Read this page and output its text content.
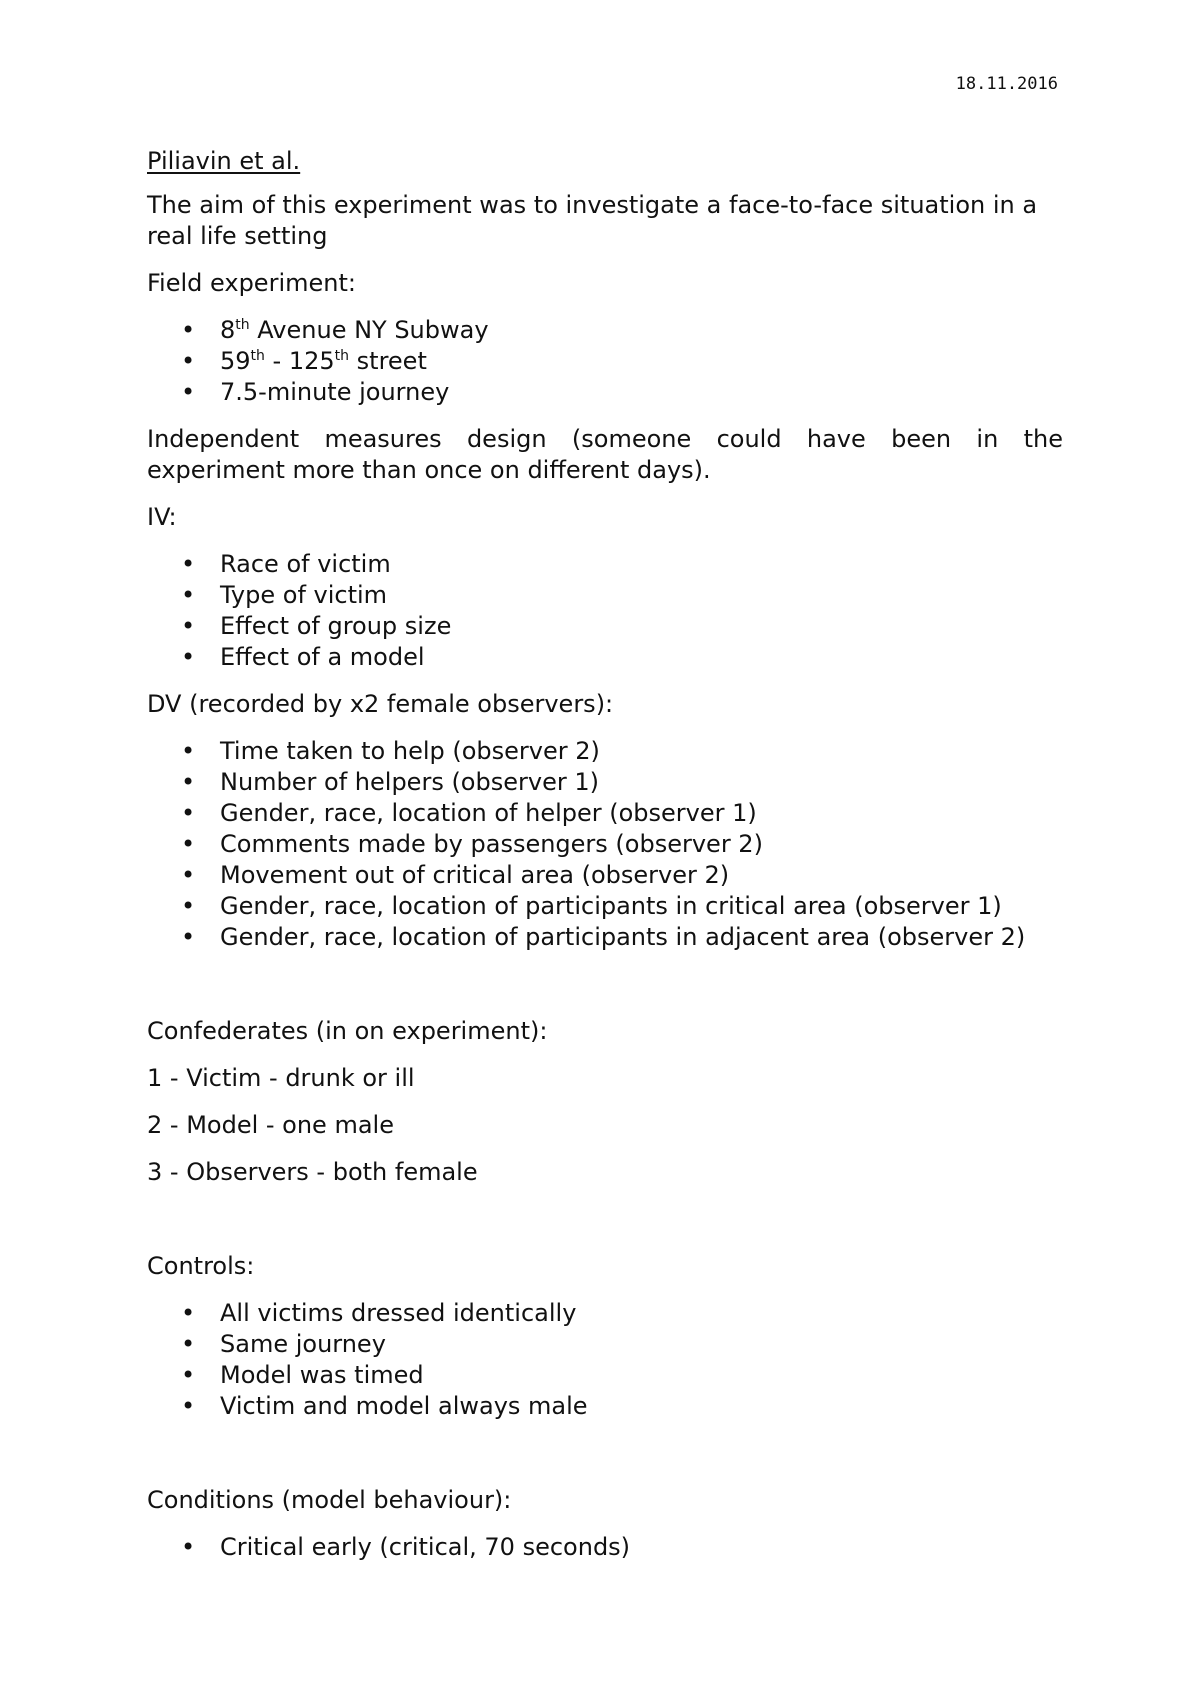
18.11.2016

Piliavin et al.

The aim of this experiment was to investigate a face-to-face situation in a real life setting

Field experiment:

• 8th Avenue NY Subway
• 59th - 125th street
• 7.5-minute journey

Independent measures design (someone could have been in the experiment more than once on different days).

IV:

• Race of victim
• Type of victim
• Effect of group size
• Effect of a model

DV (recorded by x2 female observers):

• Time taken to help (observer 2)
• Number of helpers (observer 1)
• Gender, race, location of helper (observer 1)
• Comments made by passengers (observer 2)
• Movement out of critical area (observer 2)
• Gender, race, location of participants in critical area (observer 1)
• Gender, race, location of participants in adjacent area (observer 2)

Confederates (in on experiment):

1 - Victim - drunk or ill

2 - Model - one male

3 - Observers - both female

Controls:

• All victims dressed identically
• Same journey
• Model was timed
• Victim and model always male

Conditions (model behaviour):

• Critical early (critical, 70 seconds)
